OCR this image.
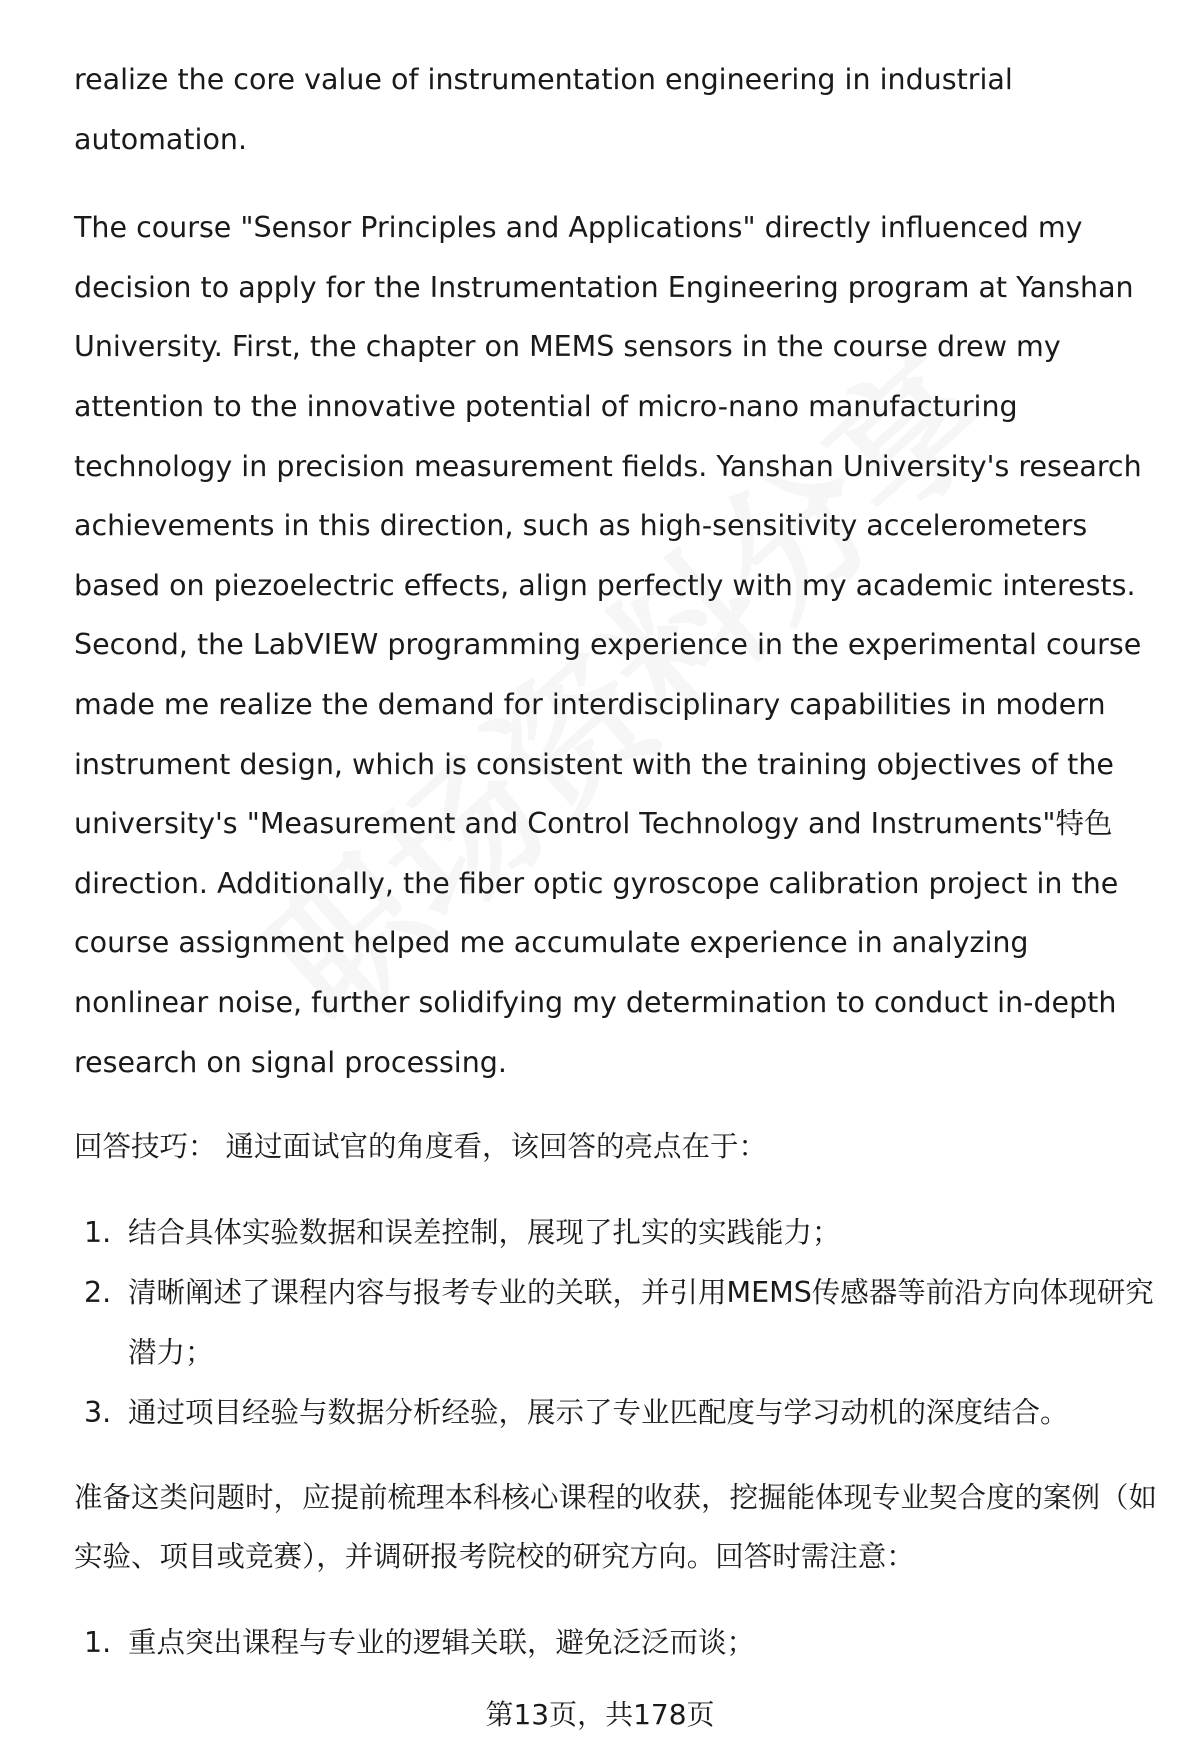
realize the core value of instrumentation engineering in industrial automation.

The course "Sensor Principles and Applications" directly influenced my decision to apply for the Instrumentation Engineering program at Yanshan University. First, the chapter on MEMS sensors in the course drew my attention to the innovative potential of micro-nano manufacturing technology in precision measurement fields. Yanshan University's research achievements in this direction, such as high-sensitivity accelerometers based on piezoelectric effects, align perfectly with my academic interests. Second, the LabVIEW programming experience in the experimental course made me realize the demand for interdisciplinary capabilities in modern instrument design, which is consistent with the training objectives of the university's "Measurement and Control Technology and Instruments"特色 direction. Additionally, the fiber optic gyroscope calibration project in the course assignment helped me accumulate experience in analyzing nonlinear noise, further solidifying my determination to conduct in-depth research on signal processing.

回答技巧： 通过面试官的角度看，该回答的亮点在于：

1. 结合具体实验数据和误差控制，展现了扎实的实践能力；
2. 清晰阐述了课程内容与报考专业的关联，并引用MEMS传感器等前沿方向体现研究潜力；
3. 通过项目经验与数据分析经验，展示了专业匹配度与学习动机的深度结合。

准备这类问题时，应提前梳理本科核心课程的收获，挖掘能体现专业契合度的案例（如实验、项目或竞赛），并调研报考院校的研究方向。回答时需注意：

1. 重点突出课程与专业的逻辑关联，避免泛泛而谈；
第13页，共178页
